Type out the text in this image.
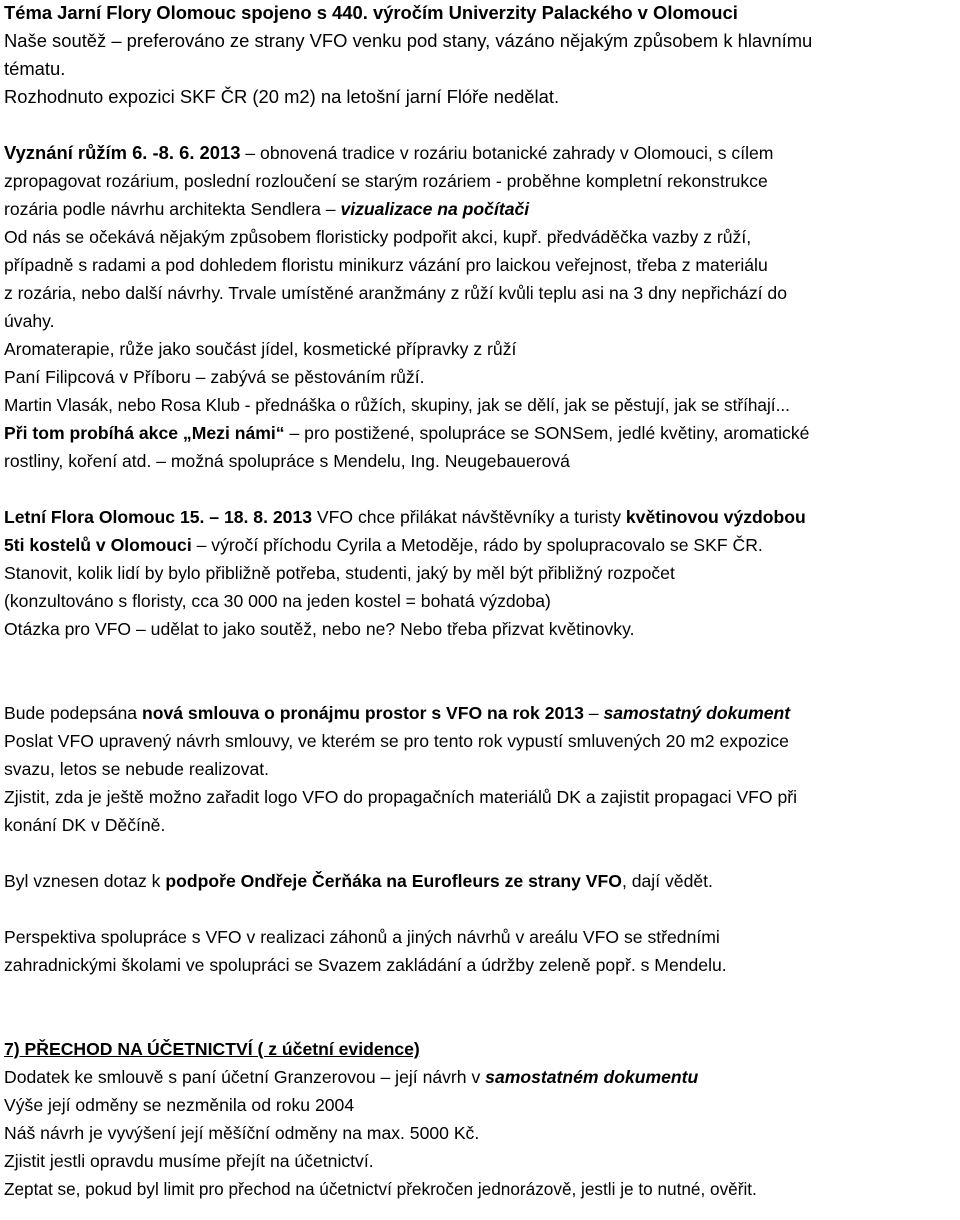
Téma Jarní Flory Olomouc spojeno s 440. výročím Univerzity Palackého v Olomouci
Naše soutěž – preferováno ze strany VFO venku pod stany, vázáno nějakým způsobem k hlavnímu
tématu.
Rozhodnuto expozici SKF ČR (20 m2) na letošní jarní Flóře nedělat.
Vyznání růžím 6. -8. 6. 2013 – obnovená tradice v rozáriu botanické zahrady v Olomouci, s cílem
zpropagovat rozárium, poslední rozloučení se starým rozáriem - proběhne kompletní rekonstrukce
rozária podle návrhu architekta Sendlera – vizualizace na počítači
Od nás se očekává nějakým způsobem floristicky podpořit akci, kupř. předváděčka vazby z růží,
případně s radami a pod dohledem floristu minikurz vázání pro laickou veřejnost, třeba z materiálu
z rozária, nebo další návrhy. Trvale umístěné aranžmány z růží kvůli teplu asi na 3 dny nepřichází do
úvahy.
Aromaterapie, růže jako součást jídel, kosmetické přípravky z růží
Paní Filipcová v Příboru – zabývá se pěstováním růží.
Martin Vlasák, nebo Rosa Klub - přednáška o růžích, skupiny, jak se dělí, jak se pěstují, jak se stříhají...
Při tom probíhá akce „Mezi námi“ – pro postižené, spolupráce se SONSem, jedlé květiny, aromatické
rostliny, koření atd. – možná spolupráce s Mendelu, Ing. Neugebauerová
Letní Flora Olomouc 15. – 18. 8. 2013 VFO chce přilákat návštěvníky a turisty květinovou výzdobou
5ti kostelů v Olomouci – výročí příchodu Cyrila a Metoděje, rádo by spolupracovalo se SKF ČR.
Stanovit, kolik lidí by bylo přibližně potřeba, studenti, jaký by měl být přibližný rozpočet
(konzultováno s floristy, cca 30 000 na jeden kostel = bohatá výzdoba)
Otázka pro VFO – udělat to jako soutěž, nebo ne? Nebo třeba přizvat květinovky.
Bude podepsána nová smlouva o pronájmu prostor s VFO na rok 2013 – samostatný dokument
Poslat VFO upravený návrh smlouvy, ve kterém se pro tento rok vypustí smluvených 20 m2 expozice
svazu, letos se nebude realizovat.
Zjistit, zda je ještě možno zařadit logo VFO do propagačních materiálů DK a zajistit propagaci VFO při
konání DK v Děčíně.
Byl vznesen dotaz k podpoře Ondřeje Čerňáka na Eurofleurs ze strany VFO, dají vědět.
Perspektiva spolupráce s VFO v realizaci záhonů a jiných návrhů v areálu VFO se středními
zahradnickými školami ve spolupráci se Svazem zakládání a údržby zeleně popř. s Mendelu.
7) PŘECHOD NA ÚČETNICTVÍ ( z účetní evidence)
Dodatek ke smlouvě s paní účetní Granzerovou – její návrh v samostatném dokumentu
Výše její odměny se nezměnila od roku 2004
Náš návrh je vyvýšení její měšíční odměny na max. 5000 Kč.
Zjistit jestli opravdu musíme přejít na účetnictví.
Zeptat se, pokud byl limit pro přechod na účetnictví překročen jednorázově, jestli je to nutné, ověřit.
